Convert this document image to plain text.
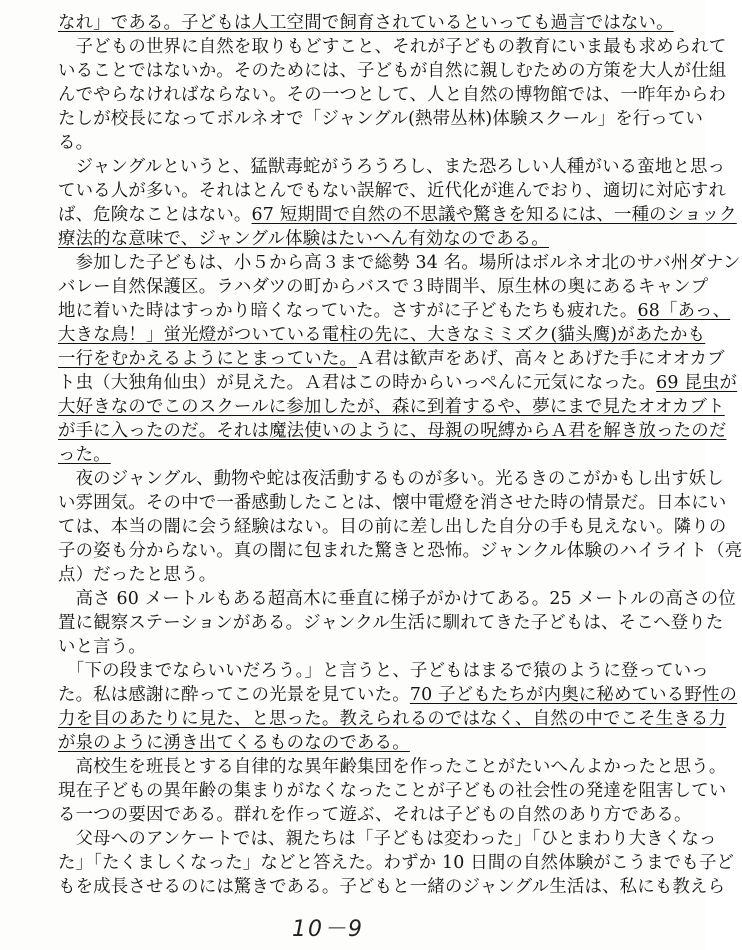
なれ」である。子どもは人工空間で飼育されているといっても過言ではない。
　子どもの世界に自然を取りもどすこと、それが子どもの教育にいま最も求められて
いることではないか。そのためには、子どもが自然に親しむための方策を大人が仕組
んでやらなければならない。その一つとして、人と自然の博物館では、一昨年からわ
たしが校長になってボルネオで「ジャングル(熱帯丛林)体験スクール」を行ってい
る。
　ジャングルというと、猛獣毒蛇がうろうろし、また恐ろしい人種がいる蛮地と思っ
ている人が多い。それはとんでもない誤解で、近代化が進んでおり、適切に対応すれ
ば、危険なことはない。67 短期間で自然の不思議や驚きを知るには、一種のショック
療法的な意味で、ジャングル体験はたいへん有効なのである。
　参加した子どもは、小５から高３まで総勢 34 名。場所はボルネオ北のサバ州ダナン
バレー自然保護区。ラハダツの町からバスで３時間半、原生林の奥にあるキャンプ
地に着いた時はすっかり暗くなっていた。さすがに子どもたちも疲れた。68「あっ、
大きな鳥！」蛍光燈がついている電柱の先に、大きなミミズク(貓头鹰)があたかも
一行をむかえるようにとまっていた。Ａ君は歓声をあげ、高々とあげた手にオオカブ
ト虫（大独角仙虫）が見えた。Ａ君はこの時からいっぺんに元気になった。69 昆虫が
大好きなのでこのスクールに参加したが、森に到着するや、夢にまで見たオオカブト
が手に入ったのだ。それは魔法使いのように、母親の呪縛からＡ君を解き放ったのだ
った。
　夜のジャングル、動物や蛇は夜活動するものが多い。光るきのこがかもし出す妖し
い雰囲気。その中で一番感動したことは、懐中電燈を消させた時の情景だ。日本にい
ては、本当の闇に会う経験はない。目の前に差し出した自分の手も見えない。隣りの
子の姿も分からない。真の闇に包まれた驚きと恐怖。ジャンクル体験のハイライト（亮
点）だったと思う。
　高さ 60 メートルもある超高木に垂直に梯子がかけてある。25 メートルの高さの位
置に観察ステーションがある。ジャンクル生活に馴れてきた子どもは、そこへ登りた
いと言う。
　「下の段までならいいだろう。」と言うと、子どもはまるで猿のように登っていっ
た。私は感謝に酔ってこの光景を見ていた。70 子どもたちが内奥に秘めている野性の
力を目のあたりに見た、と思った。教えられるのではなく、自然の中でこそ生きる力
が泉のように湧き出てくるものなのである。
　高校生を班長とする自律的な異年齢集団を作ったことがたいへんよかったと思う。
現在子どもの異年齢の集まりがなくなったことが子どもの社会性の発達を阻害してい
る一つの要因である。群れを作って遊ぶ、それは子どもの自然のあり方である。
　父母へのアンケートでは、親たちは「子どもは変わった」「ひとまわり大きくなっ
た」「たくましくなった」などと答えた。わずか 10 日間の自然体験がこうまでも子ど
もを成長させるのには驚きである。子どもと一緒のジャングル生活は、私にも教えら
10－9
